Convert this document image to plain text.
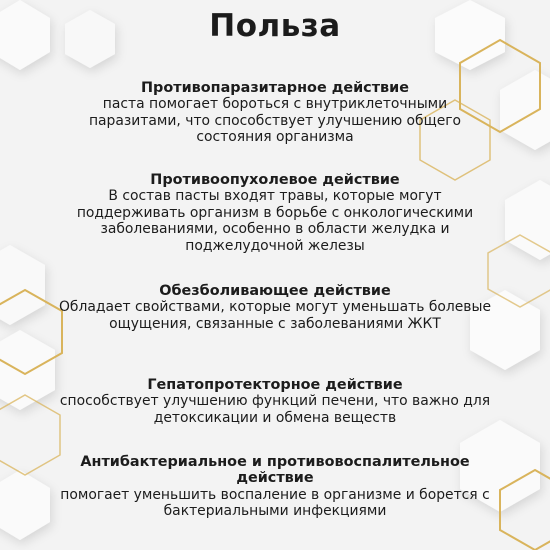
Польза
Противопаразитарное действие
паста помогает бороться с внутриклеточными паразитами, что способствует улучшению общего состояния организма
Противоопухолевое действие
В состав пасты входят травы, которые могут поддерживать организм в борьбе с онкологическими заболеваниями, особенно в области желудка и поджелудочной железы
Обезболивающее действие
Обладает свойствами, которые могут уменьшать болевые ощущения, связанные с заболеваниями ЖКТ
Гепатопротекторное действие
способствует улучшению функций печени, что важно для детоксикации и обмена веществ
Антибактериальное и противовоспалительное действие
помогает уменьшить воспаление в организме и борется с бактериальными инфекциями
